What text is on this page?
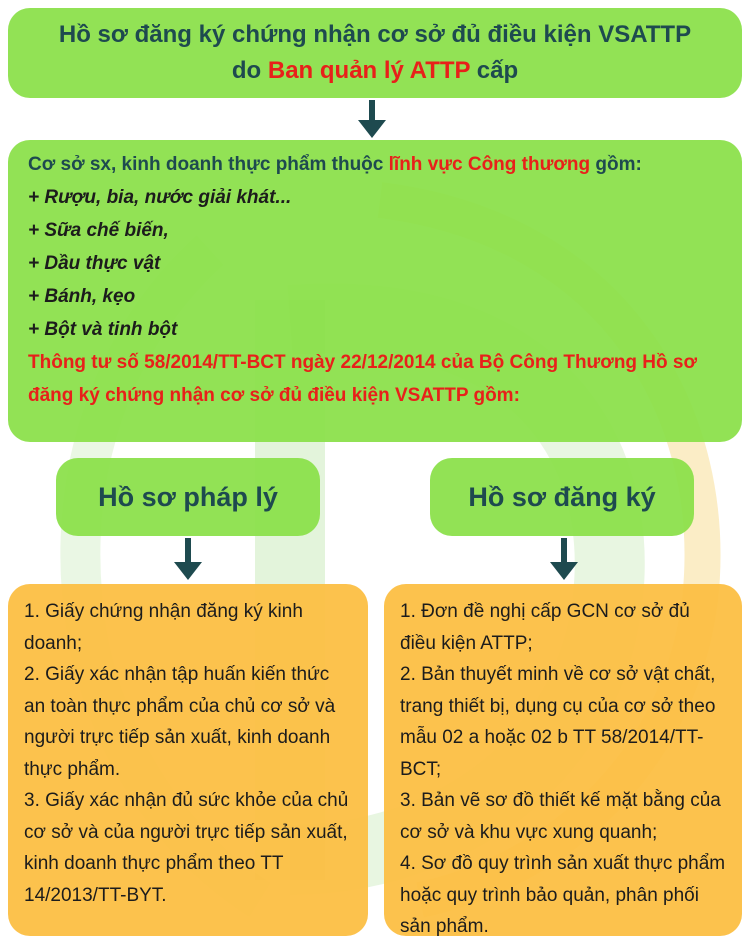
Hồ sơ đăng ký chứng nhận cơ sở đủ điều kiện VSATTP
do Ban quản lý ATTP cấp
Cơ sở sx, kinh doanh thực phẩm thuộc lĩnh vực Công thương gồm:
+ Rượu, bia, nước giải khát...
+ Sữa chế biến,
+ Dầu thực vật
+ Bánh, kẹo
+ Bột và tinh bột
Thông tư số 58/2014/TT-BCT ngày 22/12/2014 của Bộ Công Thương Hồ sơ đăng ký chứng nhận cơ sở đủ điều kiện VSATTP gồm:
Hồ sơ pháp lý	Hồ sơ đăng ký

1. Giấy chứng nhận đăng ký kinh doanh;

2. Giấy xác nhận tập huấn kiến thức an toàn thực phẩm của chủ cơ sở và người trực tiếp sản xuất, kinh doanh thực phẩm.

3. Giấy xác nhận đủ sức khỏe của chủ cơ sở và của người trực tiếp sản xuất, kinh doanh thực phẩm theo TT 14/2013/TT-BYT.

1. Đơn đề nghị cấp GCN cơ sở đủ điều kiện ATTP;

2. Bản thuyết minh về cơ sở vật chất, trang thiết bị, dụng cụ của cơ sở theo mẫu 02 a hoặc 02 b TT 58/2014/TT-BCT;

3. Bản vẽ sơ đồ thiết kế mặt bằng của cơ sở và khu vực xung quanh;

4. Sơ đồ quy trình sản xuất thực phẩm hoặc quy trình bảo quản, phân phối sản phẩm.
